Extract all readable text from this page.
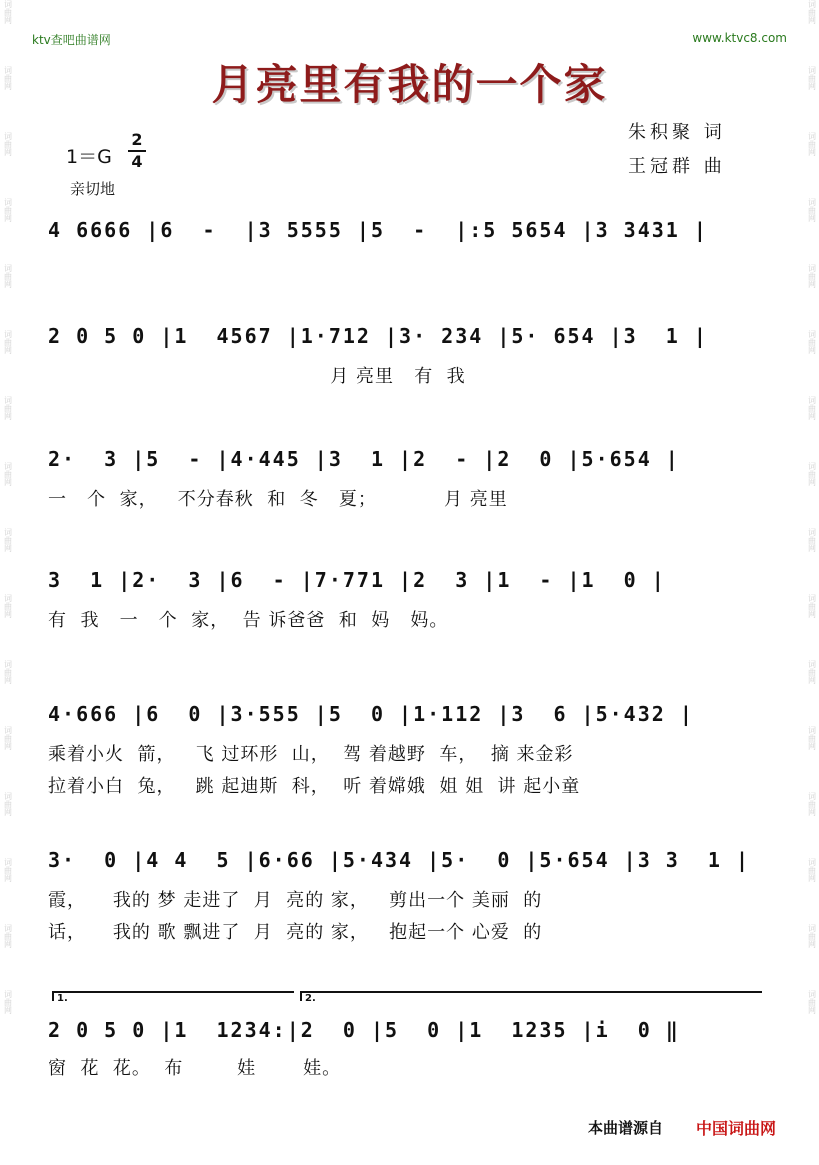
词曲网
词曲网
词曲网
词曲网
词曲网
词曲网
词曲网
词曲网
词曲网
词曲网
词曲网
词曲网
词曲网
词曲网
词曲网
词曲网
词曲网
词曲网
词曲网
词曲网
词曲网
词曲网
词曲网
词曲网
词曲网
词曲网
词曲网
词曲网
词曲网
词曲网
词曲网
词曲网
ktv查吧曲谱网	www.ktvc8.com
月亮里有我的一个家
1＝G
2
4
亲切地
朱积聚 词
王冠群 曲
4 6666 |6  -  |3 5555 |5  -  |:5 5654 |3 3431 |
2 0 5 0 |1  4567 |1·712 |3· 234 |5· 654 |3  1 |
月 亮里   有  我
2·  3 |5  - |4·445 |3  1 |2  - |2  0 |5·654 |
一   个  家，   不分春秋  和  冬   夏；          月 亮里
3  1 |2·  3 |6  - |7·771 |2  3 |1  - |1  0 |
有  我   一   个  家，  告 诉爸爸  和  妈   妈。
4·666 |6  0 |3·555 |5  0 |1·112 |3  6 |5·432 |
乘着小火  箭，   飞 过环形  山，  驾 着越野  车，  摘 来金彩
拉着小白  兔，   跳 起迪斯  科，  听 着嫦娥  姐 姐  讲 起小童
3·  0 |4 4  5 |6·66 |5·434 |5·  0 |5·654 |3 3  1 |
霞，    我的 梦 走进了  月  亮的 家，   剪出一个 美丽  的
话，    我的 歌 飘进了  月  亮的 家，   抱起一个 心爱  的
1.	2.
2 0 5 0 |1  1234:|2  0 |5  0 |1  1235 |i  0 ‖
窗  花  花。  布        娃       娃。
本曲谱源自 中国词曲网
